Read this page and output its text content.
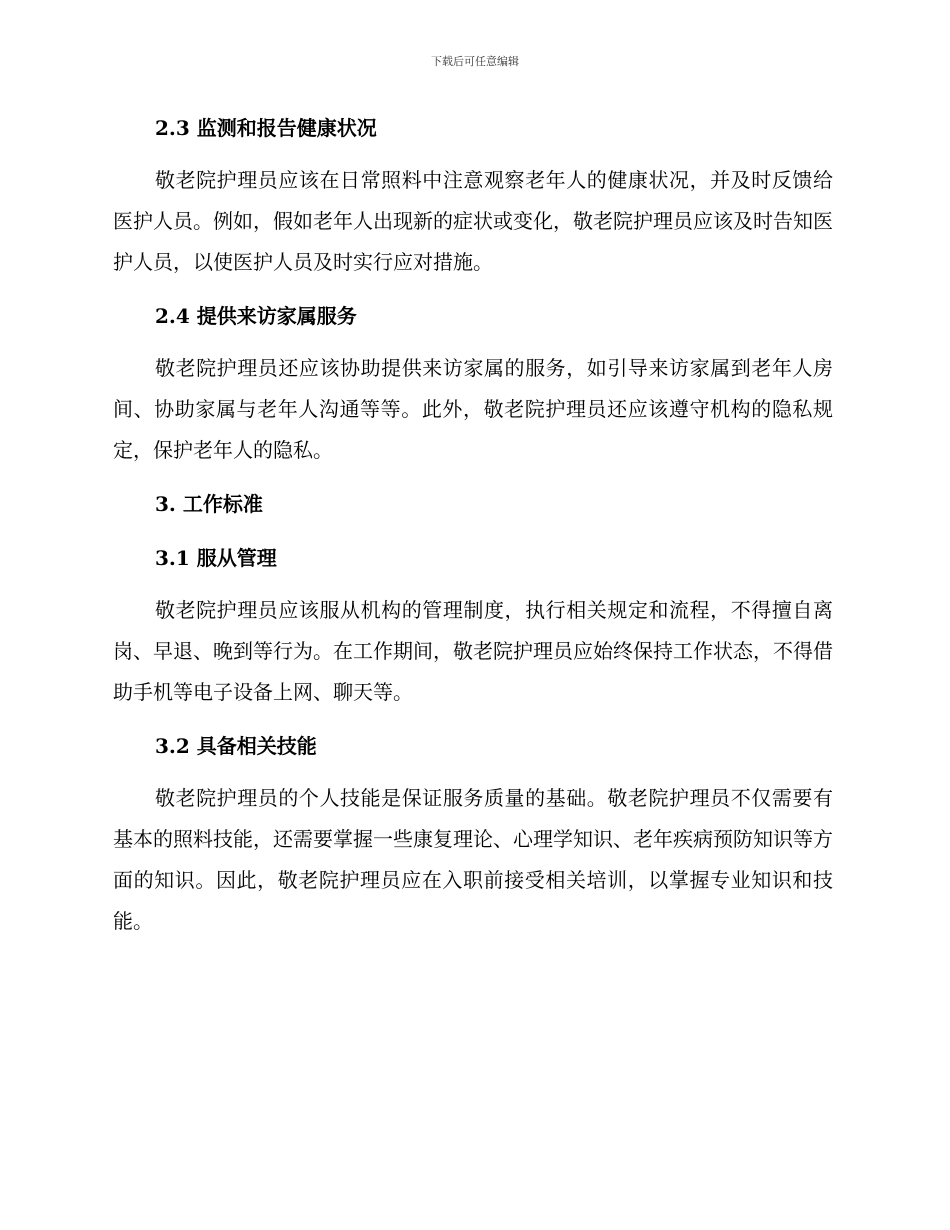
下载后可任意编辑
2.3 监测和报告健康状况

敬老院护理员应该在日常照料中注意观察老年人的健康状况，并及时反馈给医护人员。例如，假如老年人出现新的症状或变化，敬老院护理员应该及时告知医护人员，以使医护人员及时实行应对措施。

2.4 提供来访家属服务

敬老院护理员还应该协助提供来访家属的服务，如引导来访家属到老年人房间、协助家属与老年人沟通等等。此外，敬老院护理员还应该遵守机构的隐私规定，保护老年人的隐私。

3. 工作标准
3.1 服从管理

敬老院护理员应该服从机构的管理制度，执行相关规定和流程，不得擅自离岗、早退、晚到等行为。在工作期间，敬老院护理员应始终保持工作状态，不得借助手机等电子设备上网、聊天等。

3.2 具备相关技能

敬老院护理员的个人技能是保证服务质量的基础。敬老院护理员不仅需要有基本的照料技能，还需要掌握一些康复理论、心理学知识、老年疾病预防知识等方面的知识。因此，敬老院护理员应在入职前接受相关培训，以掌握专业知识和技能。
